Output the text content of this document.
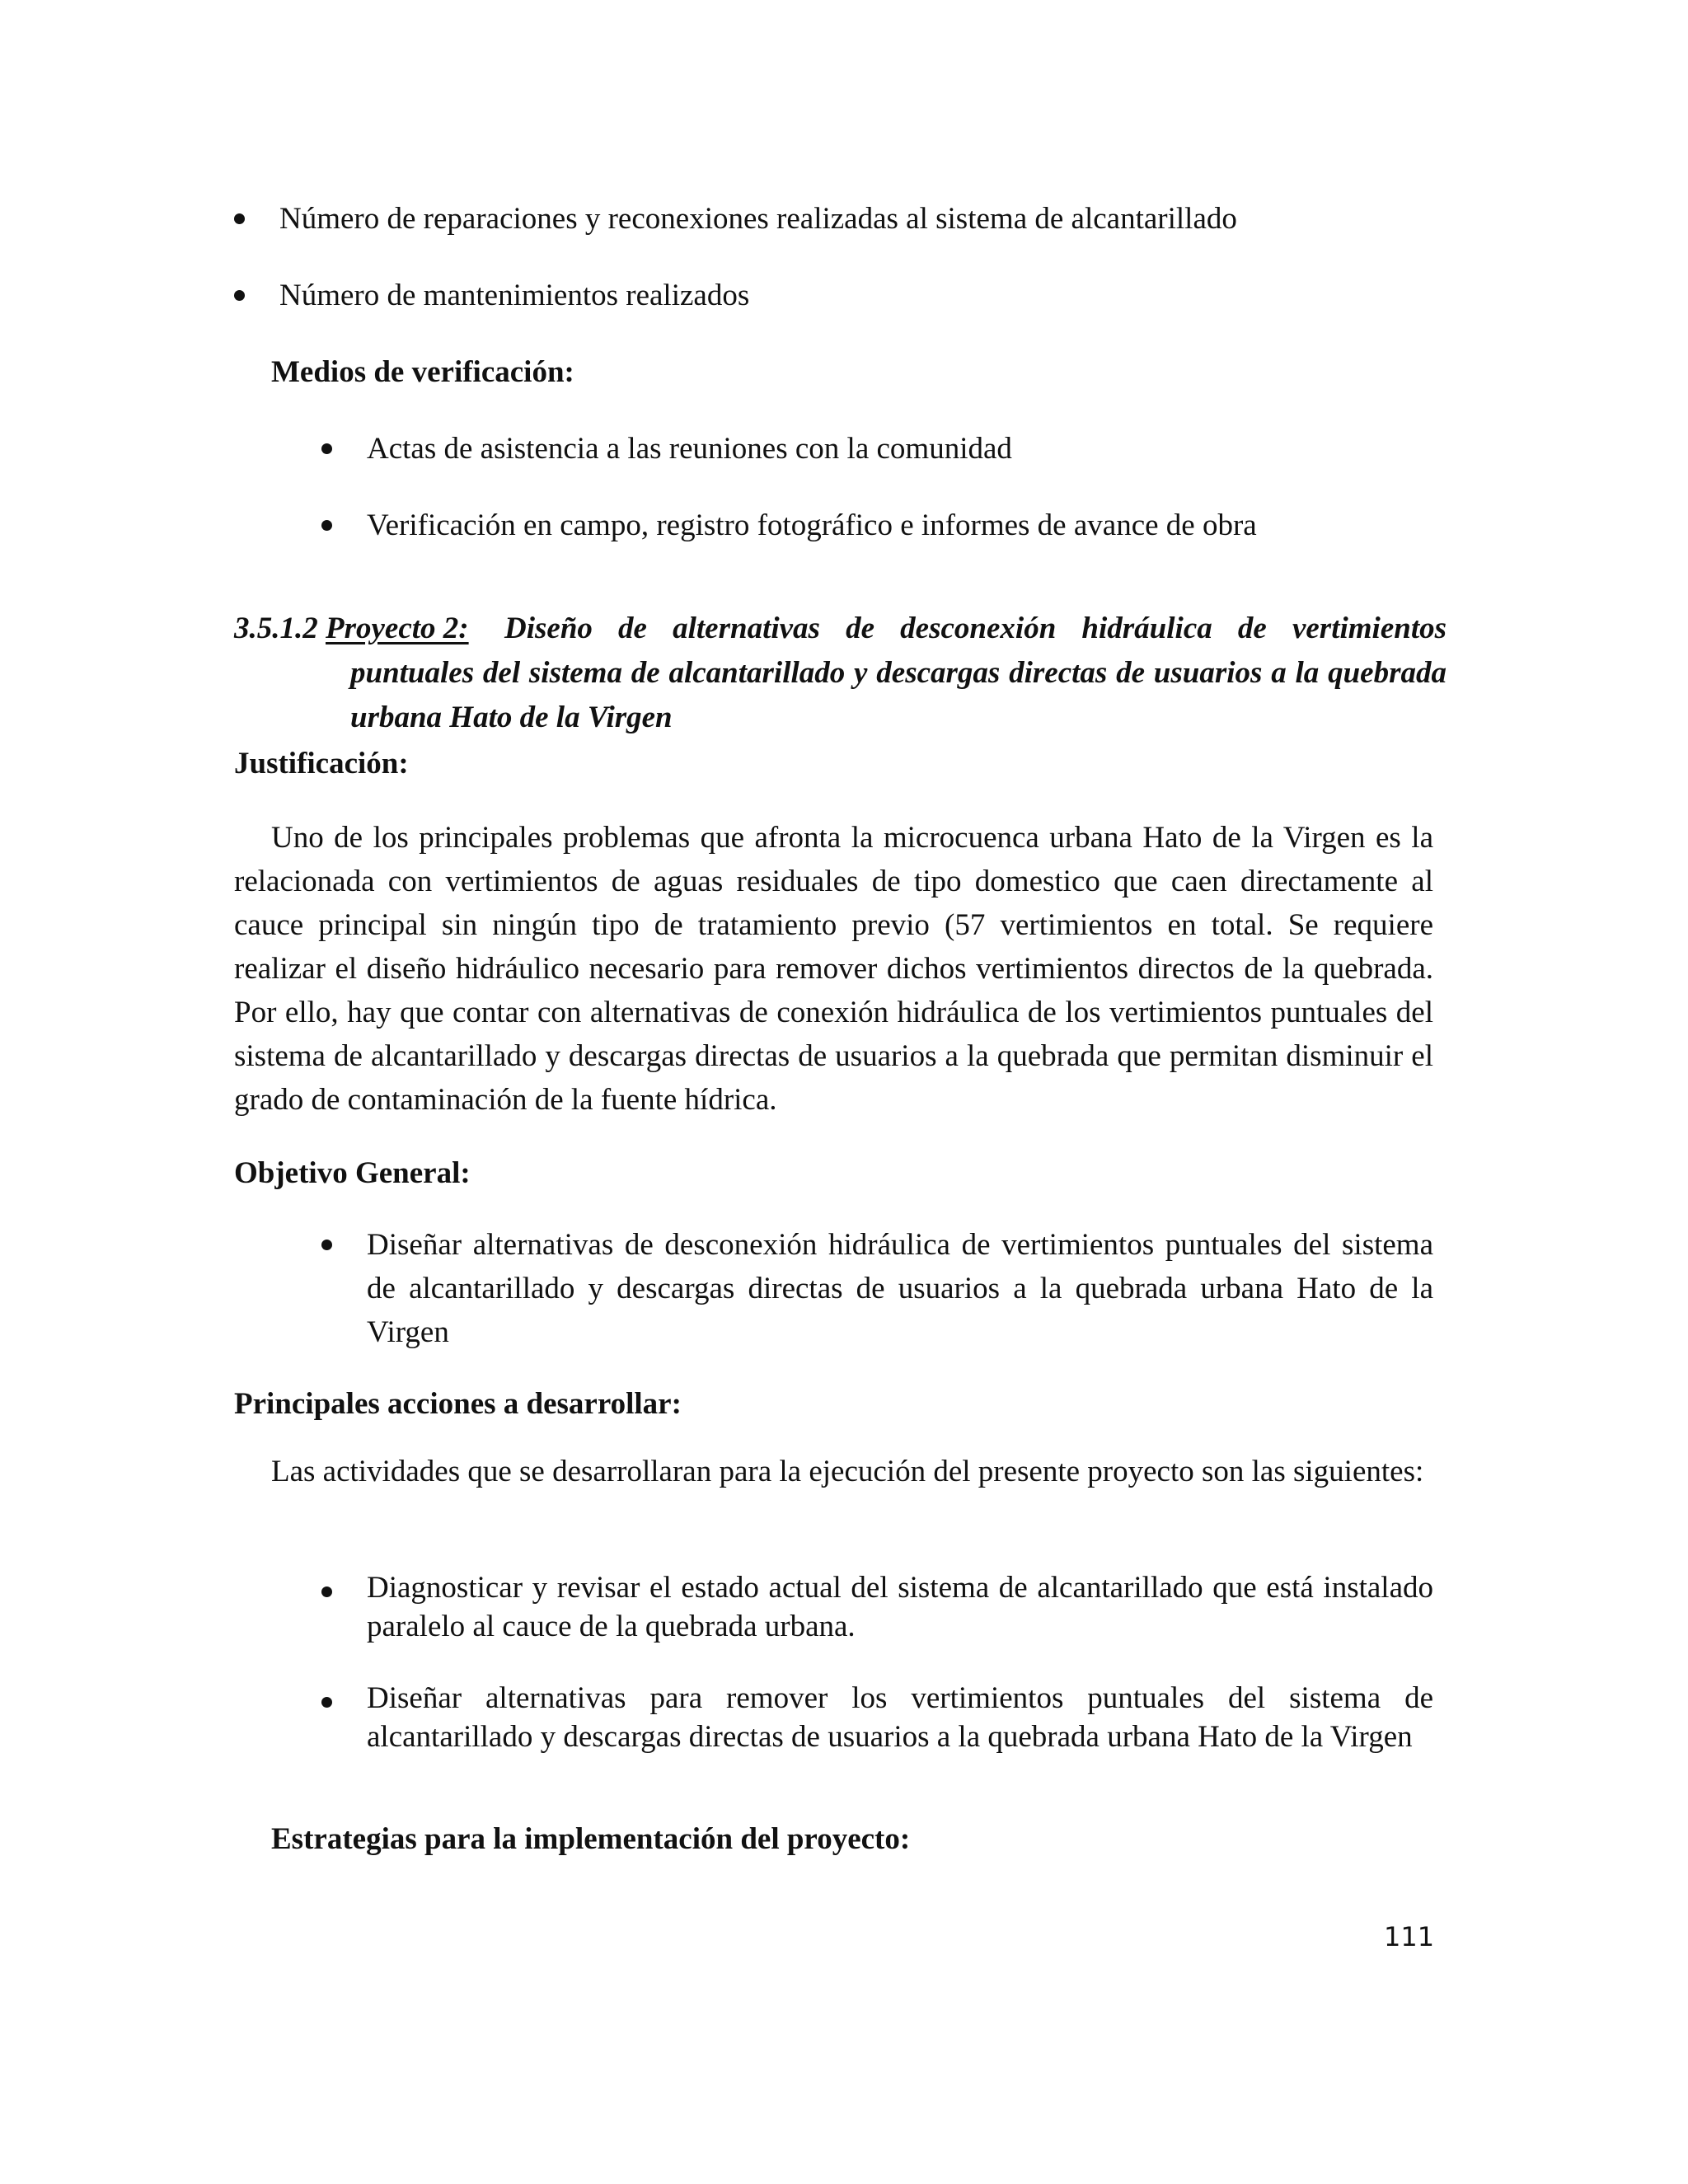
Número de reparaciones y reconexiones realizadas al sistema de alcantarillado
Número de mantenimientos realizados
Medios de verificación:
Actas de asistencia a las reuniones con la comunidad
Verificación en campo, registro fotográfico e informes de avance de obra
3.5.1.2 Proyecto 2:	Diseño de alternativas de desconexión hidráulica de vertimientos puntuales del sistema de alcantarillado y descargas directas de usuarios a la quebrada urbana Hato de la Virgen
Justificación:

Uno de los principales problemas que afronta la microcuenca urbana Hato de la Virgen es la relacionada con vertimientos de aguas residuales de tipo domestico que caen directamente al cauce principal sin ningún tipo de tratamiento previo (57 vertimientos en total. Se requiere realizar el diseño hidráulico necesario para remover dichos vertimientos directos de la quebrada. Por ello, hay que contar con alternativas de conexión hidráulica de los vertimientos puntuales del sistema de alcantarillado y descargas directas de usuarios a la quebrada que permitan disminuir el grado de contaminación de la fuente hídrica.

Objetivo General:

Diseñar alternativas de desconexión hidráulica de vertimientos puntuales del sistema de alcantarillado y descargas directas de usuarios a la quebrada urbana Hato de la Virgen

Principales acciones a desarrollar:

Las actividades que se desarrollaran para la ejecución del presente proyecto son las siguientes:

Diagnosticar y revisar el estado actual del sistema de alcantarillado que está instalado paralelo al cauce de la quebrada urbana.

Diseñar alternativas para remover los vertimientos puntuales del sistema de alcantarillado y descargas directas de usuarios a la quebrada urbana Hato de la Virgen

Estrategias para la implementación del proyecto:
111
